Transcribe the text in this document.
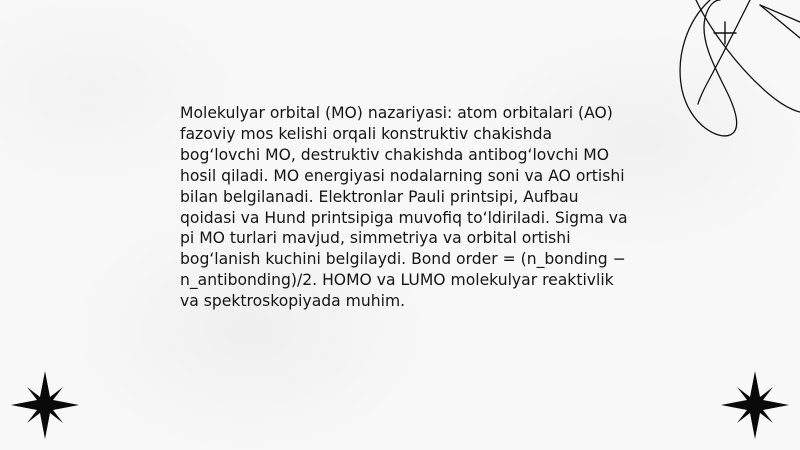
Molekulyar orbital (MO) nazariyasi: atom orbitalari (AO) fazoviy mos kelishi orqali konstruktiv chakishda bog‘lovchi MO, destruktiv chakishda antibog‘lovchi MO hosil qiladi. MO energiyasi nodalarning soni va AO ortishi bilan belgilanadi. Elektronlar Pauli printsipi, Aufbau qoidasi va Hund printsipiga muvofiq to‘ldiriladi. Sigma va pi MO turlari mavjud, simmetriya va orbital ortishi bog‘lanish kuchini belgilaydi. Bond order = (n_bonding − n_antibonding)/2. HOMO va LUMO molekulyar reaktivlik va spektroskopiyada muhim.
